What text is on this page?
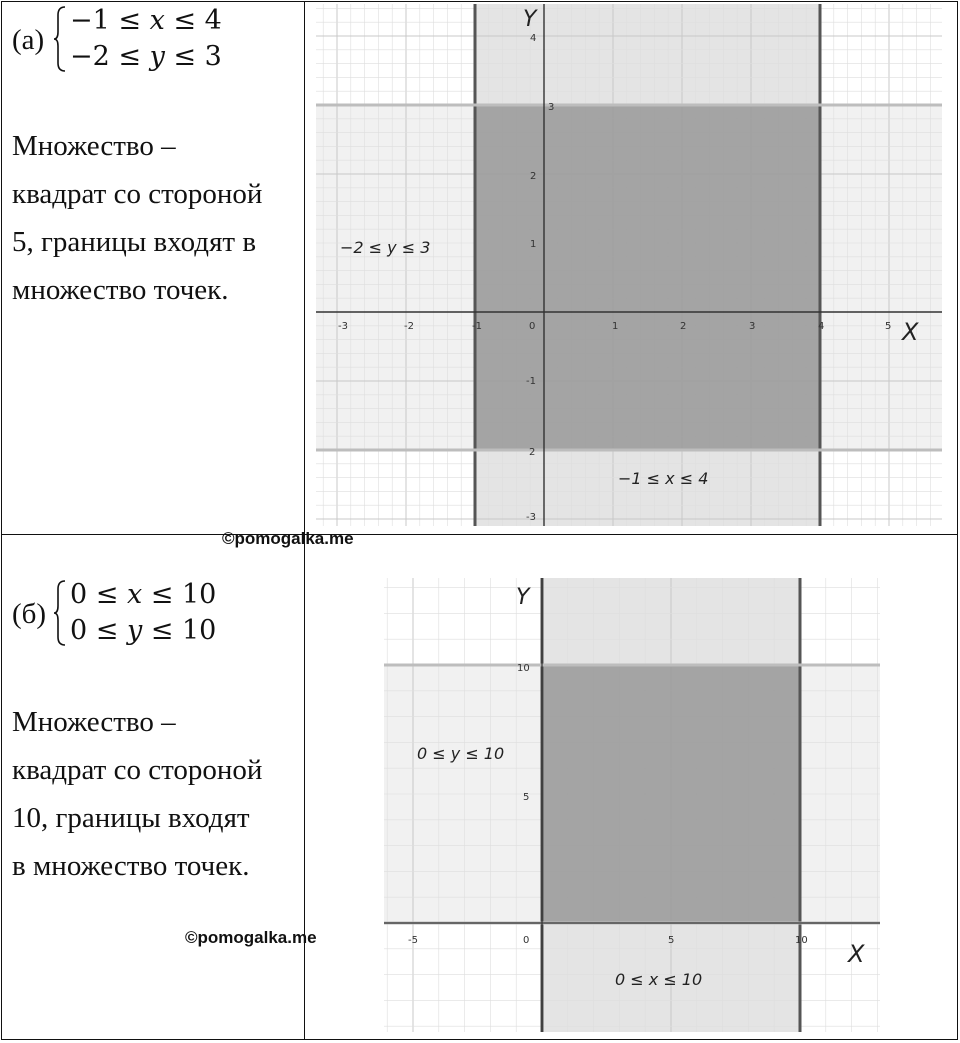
(а)
−1 ≤ 𝑥 ≤ 4
−2 ≤ 𝑦 ≤ 3
Множество –
квадрат со стороной
5, границы входят в
множество точек.
(б)
0 ≤ 𝑥 ≤ 10
0 ≤ 𝑦 ≤ 10
Множество –
квадрат со стороной
10, границы входят
в множество точек.
-3	-2	-1	0	1	2	3	4	5
4
3
2
1
-1
2
-3
Y
X
−2 ≤ y ≤ 3
−1 ≤ x ≤ 4
-5	0	5	10
10
5
Y
X
0 ≤ y ≤ 10
0 ≤ x ≤ 10
©pomogalka.me
©pomogalka.me
